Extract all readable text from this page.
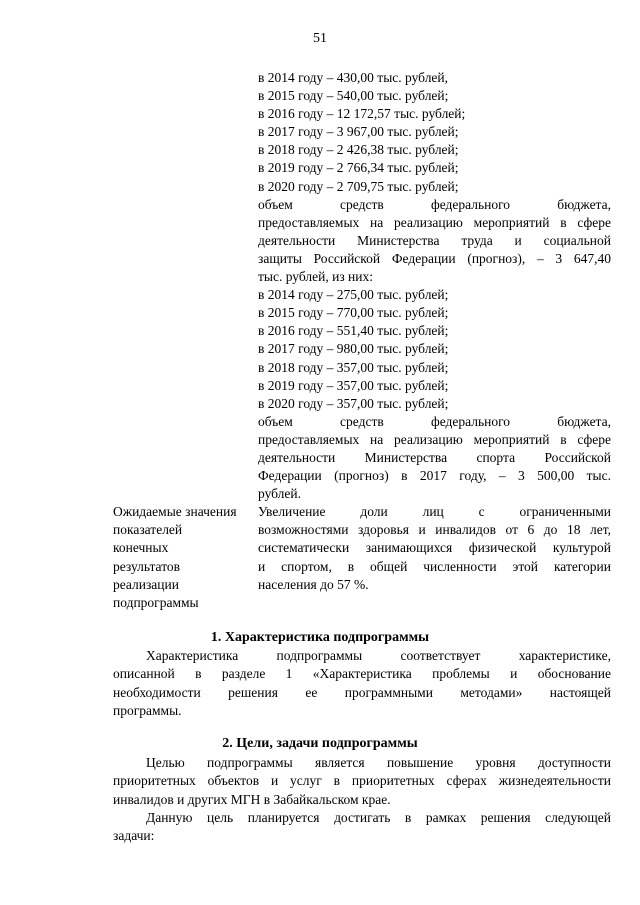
51
в 2014 году – 430,00 тыс. рублей,
в 2015 году – 540,00 тыс. рублей;
в 2016 году – 12 172,57 тыс. рублей;
в 2017 году – 3 967,00 тыс. рублей;
в 2018 году – 2 426,38 тыс. рублей;
в 2019 году – 2 766,34 тыс. рублей;
в 2020 году – 2 709,75 тыс. рублей;
объем средств федерального бюджета,
предоставляемых на реализацию мероприятий в сфере
деятельности Министерства труда и социальной
защиты Российской Федерации (прогноз), – 3 647,40
тыс. рублей, из них:
в 2014 году – 275,00 тыс. рублей;
в 2015 году – 770,00 тыс. рублей;
в 2016 году – 551,40 тыс. рублей;
в 2017 году – 980,00 тыс. рублей;
в 2018 году – 357,00 тыс. рублей;
в 2019 году – 357,00 тыс. рублей;
в 2020 году – 357,00 тыс. рублей;
объем средств федерального бюджета,
предоставляемых на реализацию мероприятий в сфере
деятельности Министерства спорта Российской
Федерации (прогноз) в 2017 году, – 3 500,00 тыс.
рублей.
Ожидаемые значения
показателей
конечных
результатов
реализации
подпрограммы
Увеличение доли лиц с ограниченными
возможностями здоровья и инвалидов от 6 до 18 лет,
систематически занимающихся физической культурой
и спортом, в общей численности этой категории
населения до 57 %.
1. Характеристика подпрограммы
Характеристика подпрограммы соответствует характеристике,
описанной в разделе 1 «Характеристика проблемы и обоснование
необходимости решения ее программными методами» настоящей
программы.
2. Цели, задачи подпрограммы
Целью подпрограммы является повышение уровня доступности
приоритетных объектов и услуг в приоритетных сферах жизнедеятельности
инвалидов и других МГН в Забайкальском крае.
Данную цель планируется достигать в рамках решения следующей
задачи:
